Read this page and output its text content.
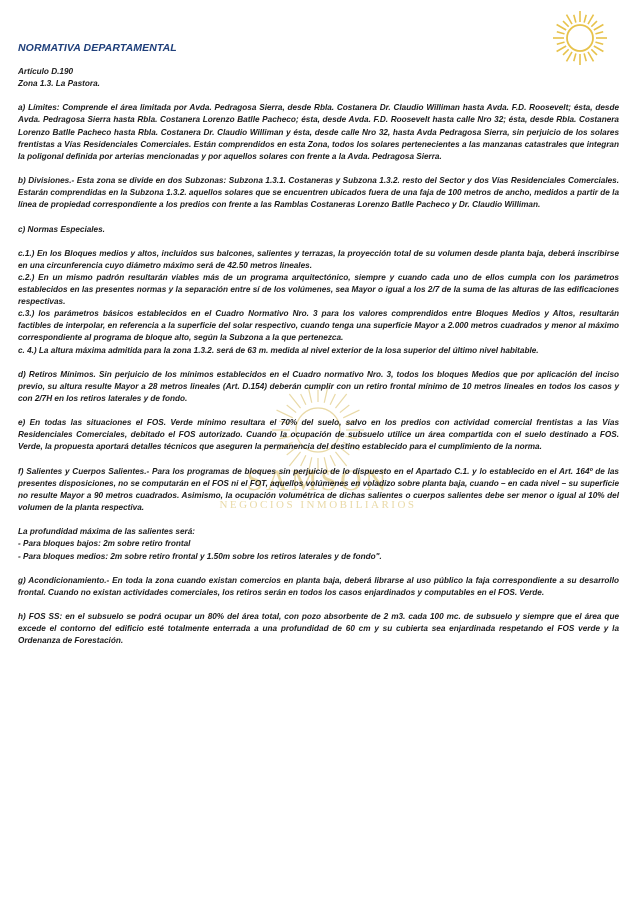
SAMSON
NEGOCIOS INMOBILIARIOS
NORMATIVA DEPARTAMENTAL

Artículo D.190

Zona 1.3. La Pastora.

a) Límites: Comprende el área limitada por Avda. Pedragosa Sierra, desde Rbla. Costanera Dr. Claudio Williman hasta Avda. F.D. Roosevelt; ésta, desde Avda. Pedragosa Sierra hasta Rbla. Costanera Lorenzo Batlle Pacheco; ésta, desde Avda. F.D. Roosevelt hasta calle Nro 32; ésta, desde Rbla. Costanera Lorenzo Batlle Pacheco hasta Rbla. Costanera Dr. Claudio Williman y ésta, desde calle Nro 32, hasta Avda Pedragosa Sierra, sin perjuicio de los solares frentistas a Vías Residenciales Comerciales. Están comprendidos en esta Zona, todos los solares pertenecientes a las manzanas catastrales que integran la poligonal definida por arterias mencionadas y por aquellos solares con frente a la Avda. Pedragosa Sierra.

b) Divisiones.- Esta zona se divide en dos Subzonas: Subzona 1.3.1. Costaneras y Subzona 1.3.2. resto del Sector y dos Vías Residenciales Comerciales. Estarán comprendidas en la Subzona 1.3.2. aquellos solares que se encuentren ubicados fuera de una faja de 100 metros de ancho, medidos a partir de la línea de propiedad correspondiente a los predios con frente a las Ramblas Costaneras Lorenzo Batlle Pacheco y Dr. Claudio Williman.

c) Normas Especiales.

c.1.) En los Bloques medios y altos, incluidos sus balcones, salientes y terrazas, la proyección total de su volumen desde planta baja, deberá inscribirse en una circunferencia cuyo diámetro máximo será de 42.50 metros lineales.

c.2.) En un mismo padrón resultarán viables más de un programa arquitectónico, siempre y cuando cada uno de ellos cumpla con los parámetros establecidos en las presentes normas y la separación entre sí de los volúmenes, sea Mayor o igual a los 2/7 de la suma de las alturas de las edificaciones respectivas.

c.3.) los parámetros básicos establecidos en el Cuadro Normativo Nro. 3 para los valores comprendidos entre Bloques Medios y Altos, resultarán factibles de interpolar, en referencia a la superficie del solar respectivo, cuando tenga una superficie Mayor a 2.000 metros cuadrados y menor al máximo correspondiente al programa de bloque alto, según la Subzona a la que pertenezca.

c. 4.) La altura máxima admitida para la zona 1.3.2. será de 63 m. medida al nivel exterior de la losa superior del último nivel habitable.

d) Retiros Mínimos. Sin perjuicio de los mínimos establecidos en el Cuadro normativo Nro. 3, todos los bloques Medios que por aplicación del inciso previo, su altura resulte Mayor a 28 metros lineales (Art. D.154) deberán cumplir con un retiro frontal mínimo de 10 metros lineales en todos los casos y con 2/7H en los retiros laterales y de fondo.

e) En todas las situaciones el FOS. Verde mínimo resultara el 70% del suelo, salvo en los predios con actividad comercial frentistas a las Vías Residenciales Comerciales, debitado el FOS autorizado. Cuando la ocupación de subsuelo utilice un área compartida con el suelo destinado a FOS. Verde, la propuesta aportará detalles técnicos que aseguren la permanencia del destino establecido para el cumplimiento de la norma.

f) Salientes y Cuerpos Salientes.- Para los programas de bloques sin perjuicio de lo dispuesto en el Apartado C.1. y lo establecido en el Art. 164º de las presentes disposiciones, no se computarán en el FOS ni el FOT, aquellos volúmenes en voladizo sobre planta baja, cuando – en cada nivel – su superficie no resulte Mayor a 90 metros cuadrados. Asimismo, la ocupación volumétrica de dichas salientes o cuerpos salientes debe ser menor o igual al 10% del volumen de la planta respectiva.

La profundidad máxima de las salientes será:

- Para bloques bajos: 2m sobre retiro frontal

- Para bloques medios: 2m sobre retiro frontal y 1.50m sobre los retiros laterales y de fondo".

g) Acondicionamiento.- En toda la zona cuando existan comercios en planta baja, deberá librarse al uso público la faja correspondiente a su desarrollo frontal. Cuando no existan actividades comerciales, los retiros serán en todos los casos enjardinados y computables en el FOS. Verde.

h) FOS SS: en el subsuelo se podrá ocupar un 80% del área total, con pozo absorbente de 2 m3. cada 100 mc. de subsuelo y siempre que el área que excede el contorno del edificio esté totalmente enterrada a una profundidad de 60 cm y su cubierta sea enjardinada respetando el FOS verde y la Ordenanza de Forestación.
